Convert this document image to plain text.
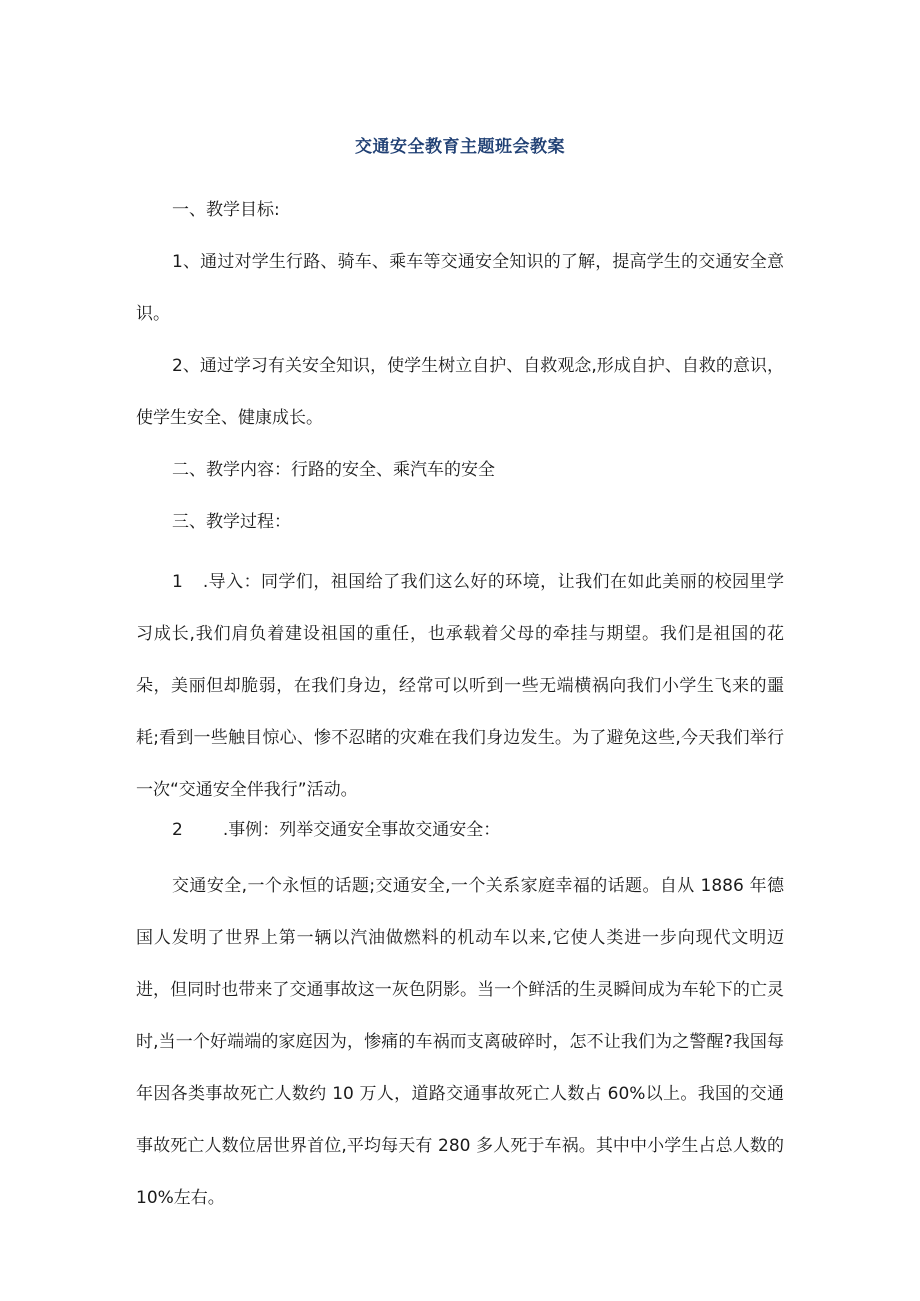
交通安全教育主题班会教案

一、教学目标:

1、通过对学生行路、骑车、乘车等交通安全知识的了解，提高学生的交通安全意识。

2、通过学习有关安全知识，使学生树立自护、自救观念,形成自护、自救的意识，使学生安全、健康成长。

二、教学内容：行路的安全、乘汽车的安全

三、教学过程：

1 .导入：同学们，祖国给了我们这么好的环境，让我们在如此美丽的校园里学习成长,我们肩负着建设祖国的重任，也承载着父母的牵挂与期望。我们是祖国的花朵，美丽但却脆弱，在我们身边，经常可以听到一些无端横祸向我们小学生飞来的噩耗;看到一些触目惊心、惨不忍睹的灾难在我们身边发生。为了避免这些,今天我们举行一次“交通安全伴我行”活动。

2 .事例：列举交通安全事故交通安全：

交通安全,一个永恒的话题;交通安全,一个关系家庭幸福的话题。自从 1886 年德国人发明了世界上第一辆以汽油做燃料的机动车以来,它使人类进一步向现代文明迈进，但同时也带来了交通事故这一灰色阴影。当一个鲜活的生灵瞬间成为车轮下的亡灵时,当一个好端端的家庭因为，惨痛的车祸而支离破碎时，怎不让我们为之警醒?我国每年因各类事故死亡人数约 10 万人，道路交通事故死亡人数占 60%以上。我国的交通事故死亡人数位居世界首位,平均每天有 280 多人死于车祸。其中中小学生占总人数的 10%左右。
